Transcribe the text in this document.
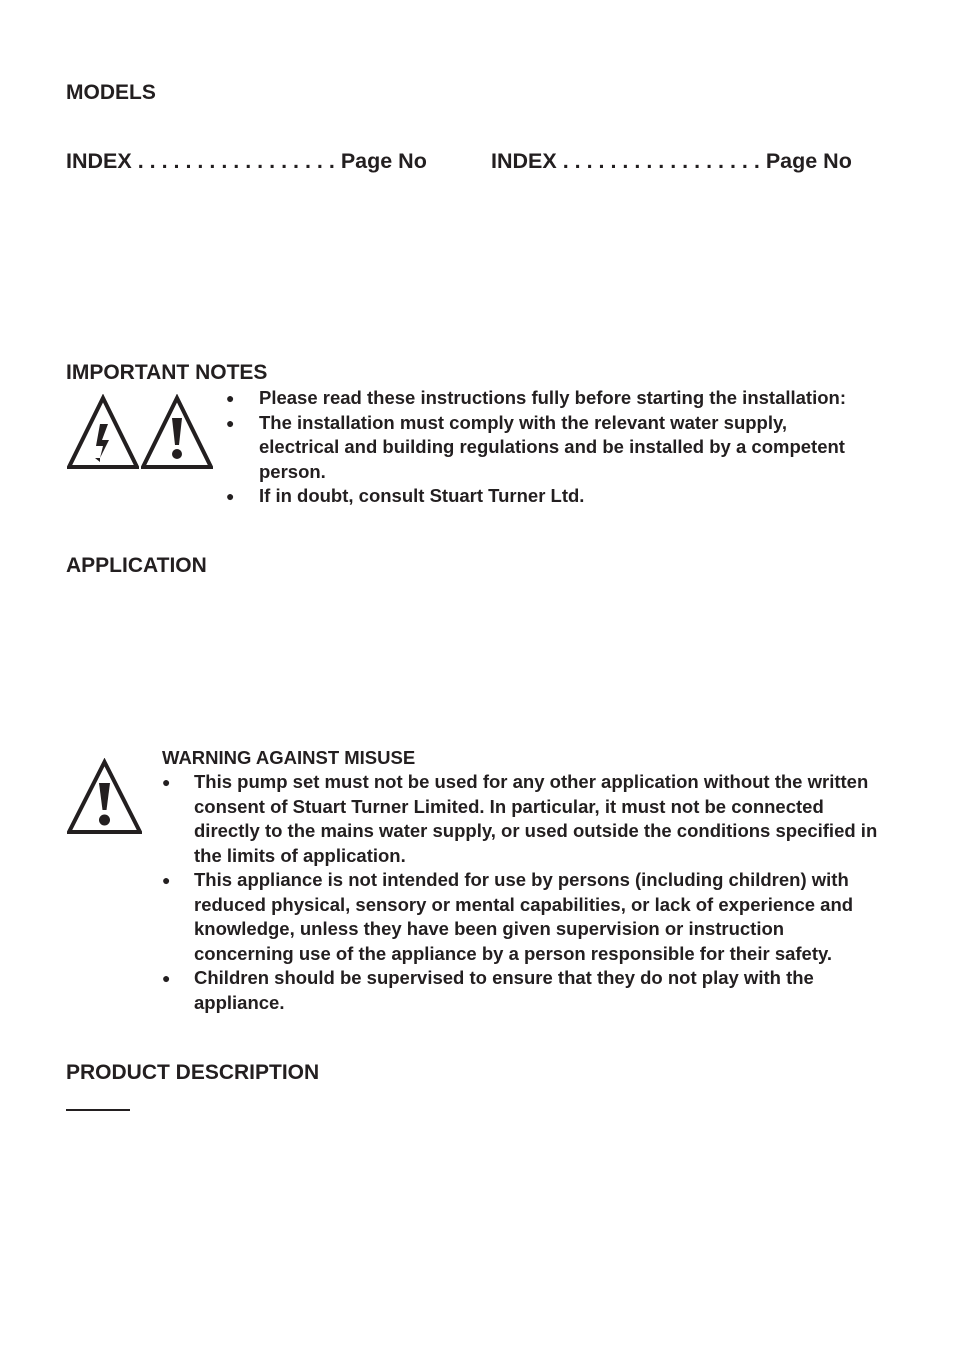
MODELS
INDEX . . . . . . . . . . . . . . . . . Page No	INDEX . . . . . . . . . . . . . . . . . Page No
IMPORTANT NOTES
● Please read these instructions fully before starting the installation:
● The installation must comply with the relevant water supply, electrical and building regulations and be installed by a competent person.
● If in doubt, consult Stuart Turner Ltd.
APPLICATION
WARNING AGAINST MISUSE
● This pump set must not be used for any other application without the written consent of Stuart Turner Limited. In particular, it must not be connected directly to the mains water supply, or used outside the conditions specified in the limits of application.
● This appliance is not intended for use by persons (including children) with reduced physical, sensory or mental capabilities, or lack of experience and knowledge, unless they have been given supervision or instruction concerning use of the appliance by a person responsible for their safety.
● Children should be supervised to ensure that they do not play with the appliance.
PRODUCT DESCRIPTION
